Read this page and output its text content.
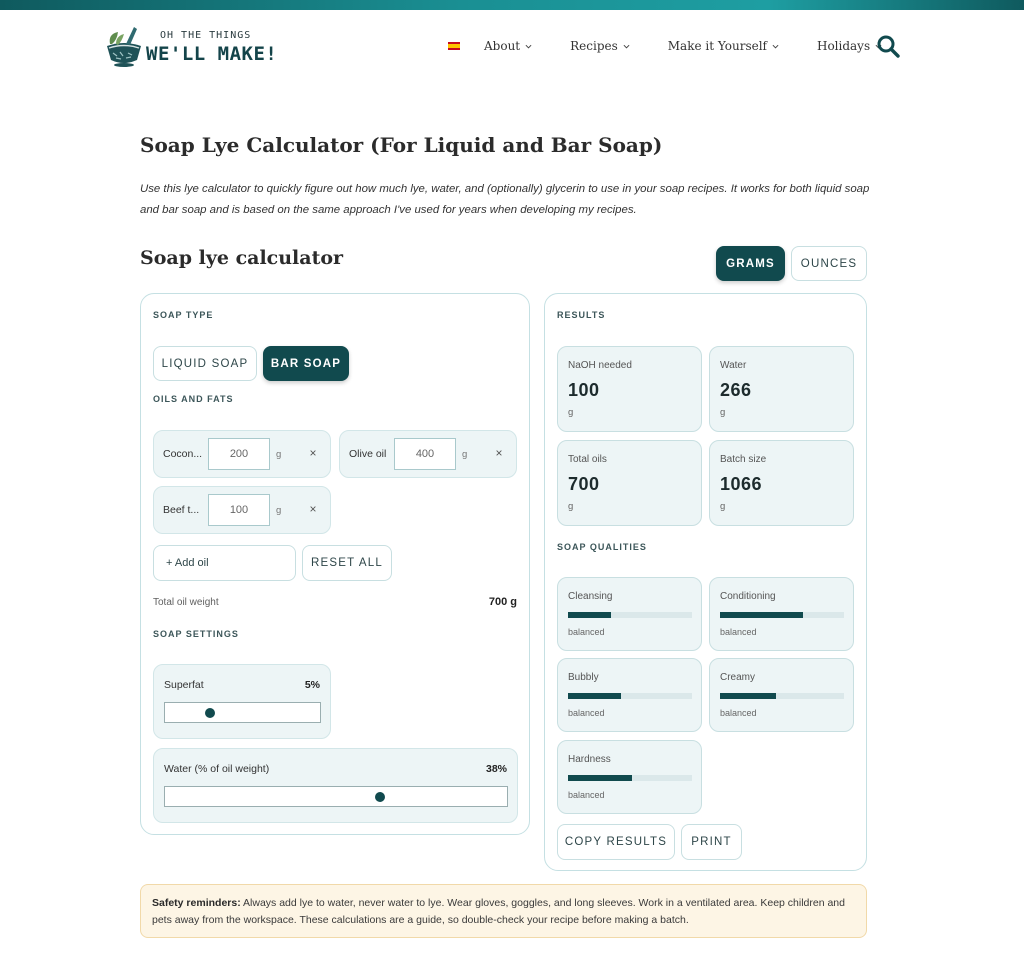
OH THE THINGS
WE'LL MAKE!	About	Recipes	Make it Yourself	Holidays
Soap Lye Calculator (For Liquid and Bar Soap)

Use this lye calculator to quickly figure out how much lye, water, and (optionally) glycerin to use in your soap recipes. It works for both liquid soap and bar soap and is based on the same approach I've used for years when developing my recipes.

Soap lye calculator	GRAMS	OUNCES
SOAP TYPE
LIQUID SOAP	BAR SOAP
OILS AND FATS
Cocon...
200	g ×	Olive oil
400	g ×
Beef t...
100	g ×
+ Add oil	RESET ALL
Total oil weight	700 g
SOAP SETTINGS
Superfat	5%
Water (% of oil weight)	38%
RESULTS
NaOH needed
100
g
Water
266
g
Total oils
700
g
Batch size
1066
g
SOAP QUALITIES
Cleansing
balanced
Conditioning
balanced
Bubbly
balanced
Creamy
balanced
Hardness
balanced
COPY RESULTS	PRINT
Safety reminders: Always add lye to water, never water to lye. Wear gloves, goggles, and long sleeves. Work in a ventilated area. Keep children and pets away from the workspace. These calculations are a guide, so double-check your recipe before making a batch.
